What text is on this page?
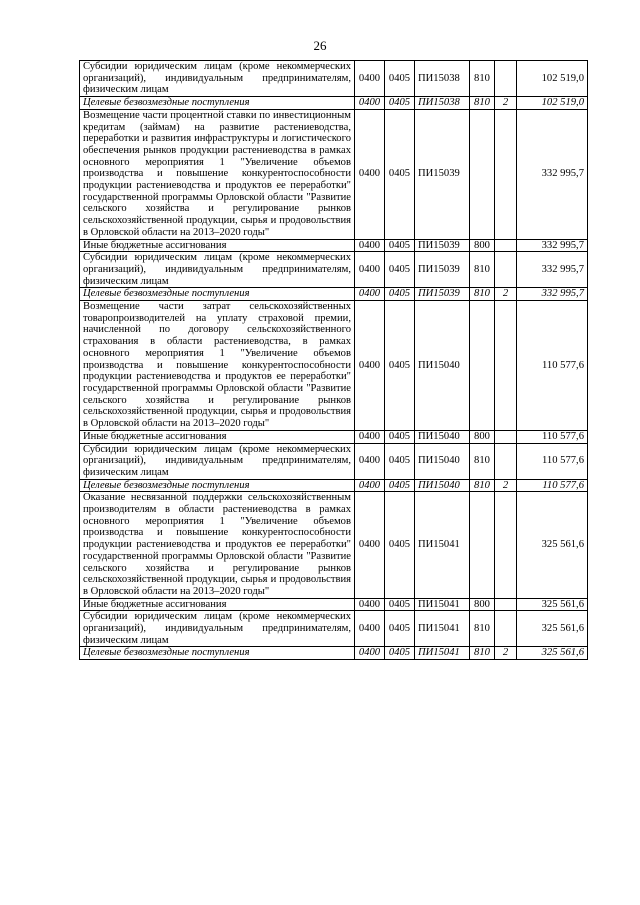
26
Субсидии юридическим лицам (кроме некоммерческих организаций), индивидуальным предпринимателям, физическим лицам	0400	0405	ПИ15038	810		102 519,0
Целевые безвозмездные поступления	0400	0405	ПИ15038	810	2	102 519,0
Возмещение части процентной ставки по инвестиционным кредитам (займам) на развитие растениеводства, переработки и развития инфраструктуры и логистического обеспечения рынков продукции растениеводства в рамках основного мероприятия 1 "Увеличение объемов производства и повышение конкурентоспособности продукции растениеводства и продуктов ее переработки" государственной программы Орловской области "Развитие сельского хозяйства и регулирование рынков сельскохозяйственной продукции, сырья и продовольствия в Орловской области на 2013–2020 годы"	0400	0405	ПИ15039			332 995,7
Иные бюджетные ассигнования	0400	0405	ПИ15039	800		332 995,7
Субсидии юридическим лицам (кроме некоммерческих организаций), индивидуальным предпринимателям, физическим лицам	0400	0405	ПИ15039	810		332 995,7
Целевые безвозмездные поступления	0400	0405	ПИ15039	810	2	332 995,7
Возмещение части затрат сельскохозяйственных товаропроизводителей на уплату страховой премии, начисленной по договору сельскохозяйственного страхования в области растениеводства, в рамках основного мероприятия 1 "Увеличение объемов производства и повышение конкурентоспособности продукции растениеводства и продуктов ее переработки" государственной программы Орловской области "Развитие сельского хозяйства и регулирование рынков сельскохозяйственной продукции, сырья и продовольствия в Орловской области на 2013–2020 годы"	0400	0405	ПИ15040			110 577,6
Иные бюджетные ассигнования	0400	0405	ПИ15040	800		110 577,6
Субсидии юридическим лицам (кроме некоммерческих организаций), индивидуальным предпринимателям, физическим лицам	0400	0405	ПИ15040	810		110 577,6
Целевые безвозмездные поступления	0400	0405	ПИ15040	810	2	110 577,6
Оказание несвязанной поддержки сельскохозяйственным производителям в области растениеводства в рамках основного мероприятия 1 "Увеличение объемов производства и повышение конкурентоспособности продукции растениеводства и продуктов ее переработки" государственной программы Орловской области "Развитие сельского хозяйства и регулирование рынков сельскохозяйственной продукции, сырья и продовольствия в Орловской области на 2013–2020 годы"	0400	0405	ПИ15041			325 561,6
Иные бюджетные ассигнования	0400	0405	ПИ15041	800		325 561,6
Субсидии юридическим лицам (кроме некоммерческих организаций), индивидуальным предпринимателям, физическим лицам	0400	0405	ПИ15041	810		325 561,6
Целевые безвозмездные поступления	0400	0405	ПИ15041	810	2	325 561,6
